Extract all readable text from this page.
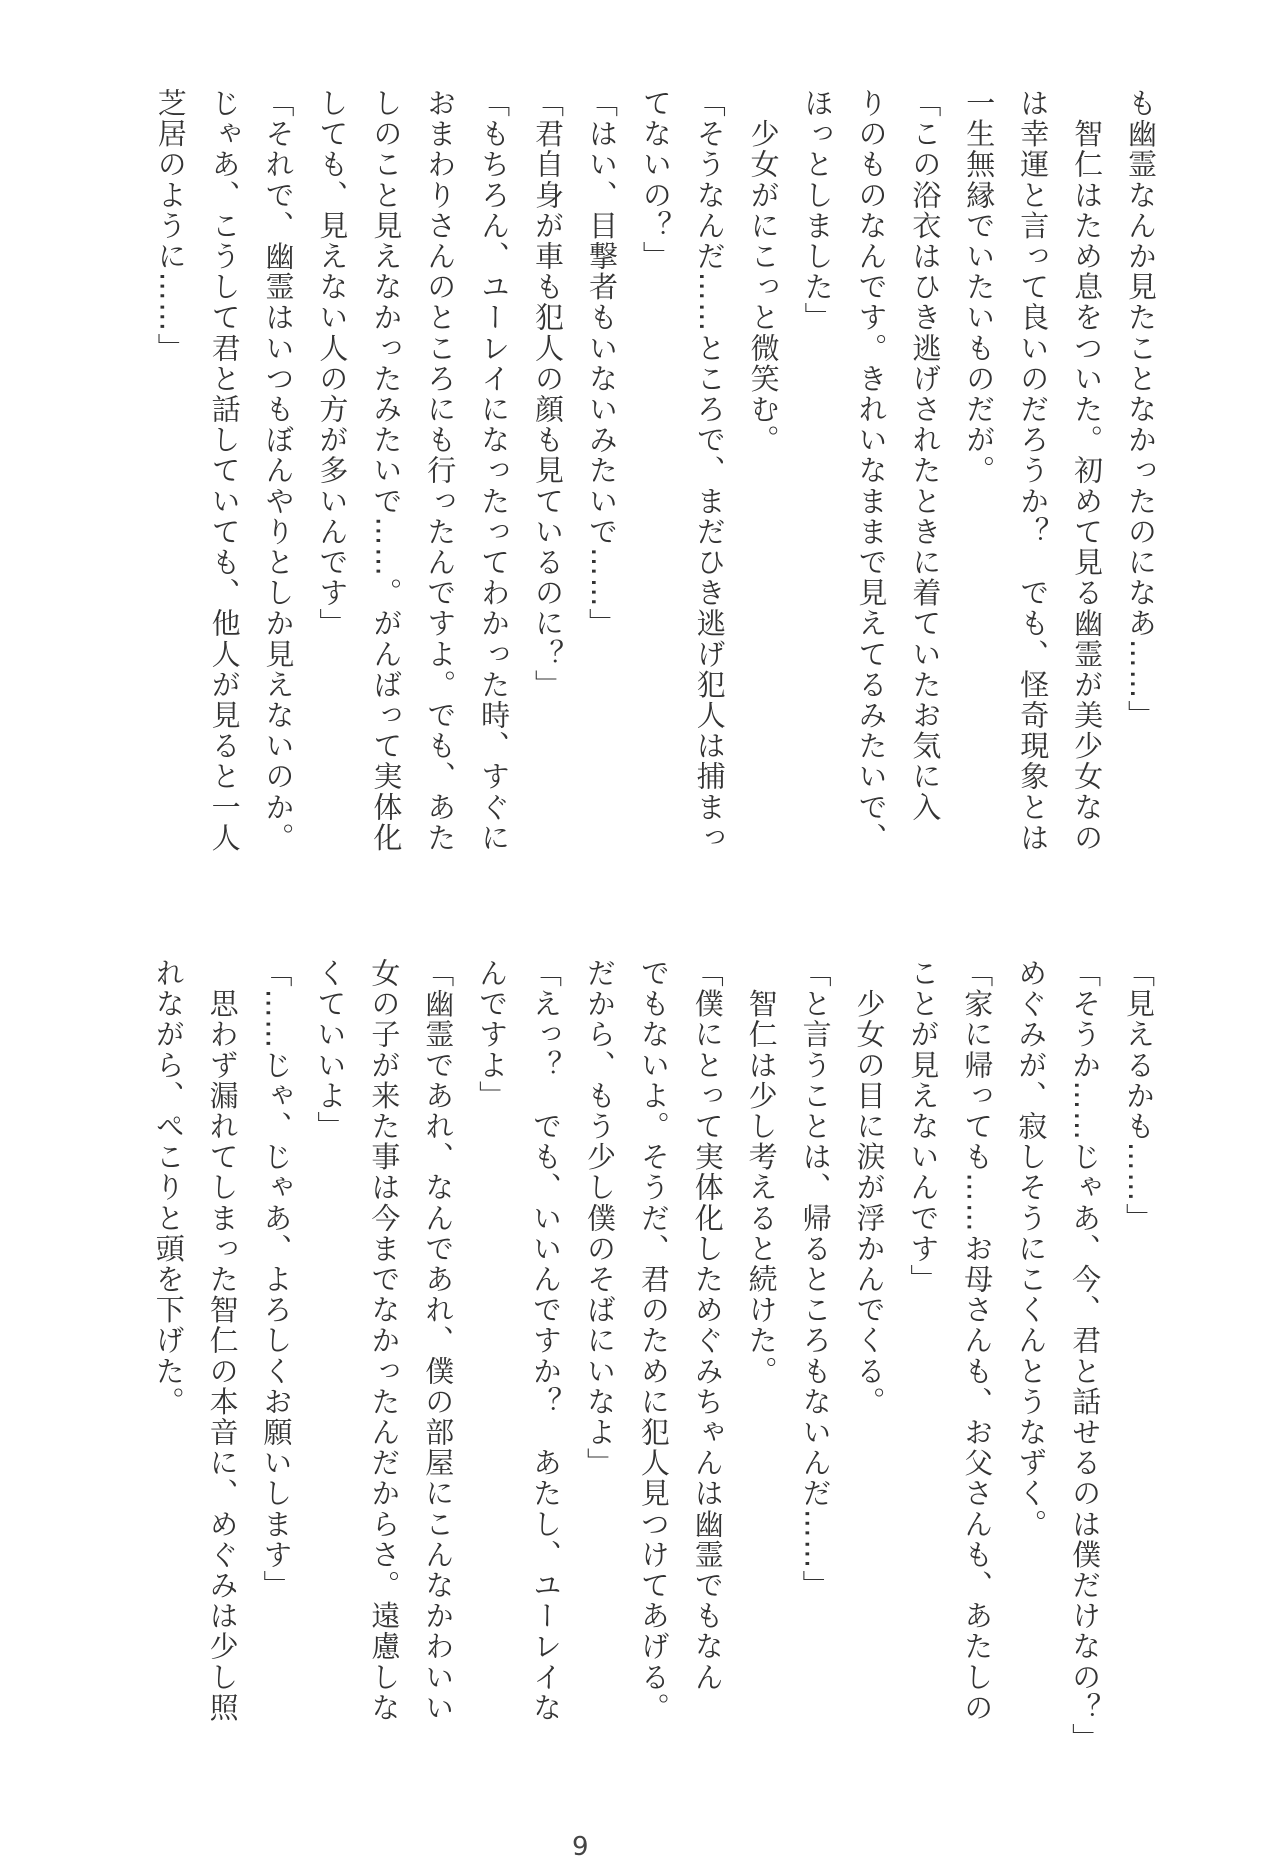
も幽霊なんか見たことなかったのになあ……」
　智仁はため息をついた。初めて見る幽霊が美少女なの
は幸運と言って良いのだろうか？　でも、怪奇現象とは
一生無縁でいたいものだが。
「この浴衣はひき逃げされたときに着ていたお気に入
りのものなんです。きれいなままで見えてるみたいで、
ほっとしました」
　少女がにこっと微笑む。
「そうなんだ……ところで、まだひき逃げ犯人は捕まっ
てないの？」
「はい、目撃者もいないみたいで……」
「君自身が車も犯人の顔も見ているのに？」
「もちろん、ユーレイになったってわかった時、すぐに
おまわりさんのところにも行ったんですよ。でも、あた
しのこと見えなかったみたいで……。がんばって実体化
しても、見えない人の方が多いんです」
「それで、幽霊はいつもぼんやりとしか見えないのか。
じゃあ、こうして君と話していても、他人が見ると一人
芝居のように……」
「見えるかも……」
「そうか……じゃあ、今、君と話せるのは僕だけなの？」
めぐみが、寂しそうにこくんとうなずく。
「家に帰っても……お母さんも、お父さんも、あたしの
ことが見えないんです」
　少女の目に涙が浮かんでくる。
「と言うことは、帰るところもないんだ……」
　智仁は少し考えると続けた。
「僕にとって実体化しためぐみちゃんは幽霊でもなん
でもないよ。そうだ、君のために犯人見つけてあげる。
だから、もう少し僕のそばにいなよ」
「えっ？　でも、いいんですか？　あたし、ユーレイな
んですよ」
「幽霊であれ、なんであれ、僕の部屋にこんなかわいい
女の子が来た事は今までなかったんだからさ。遠慮しな
くていいよ」
「……じゃ、じゃあ、よろしくお願いします」
　思わず漏れてしまった智仁の本音に、めぐみは少し照
れながら、ぺこりと頭を下げた。
9
